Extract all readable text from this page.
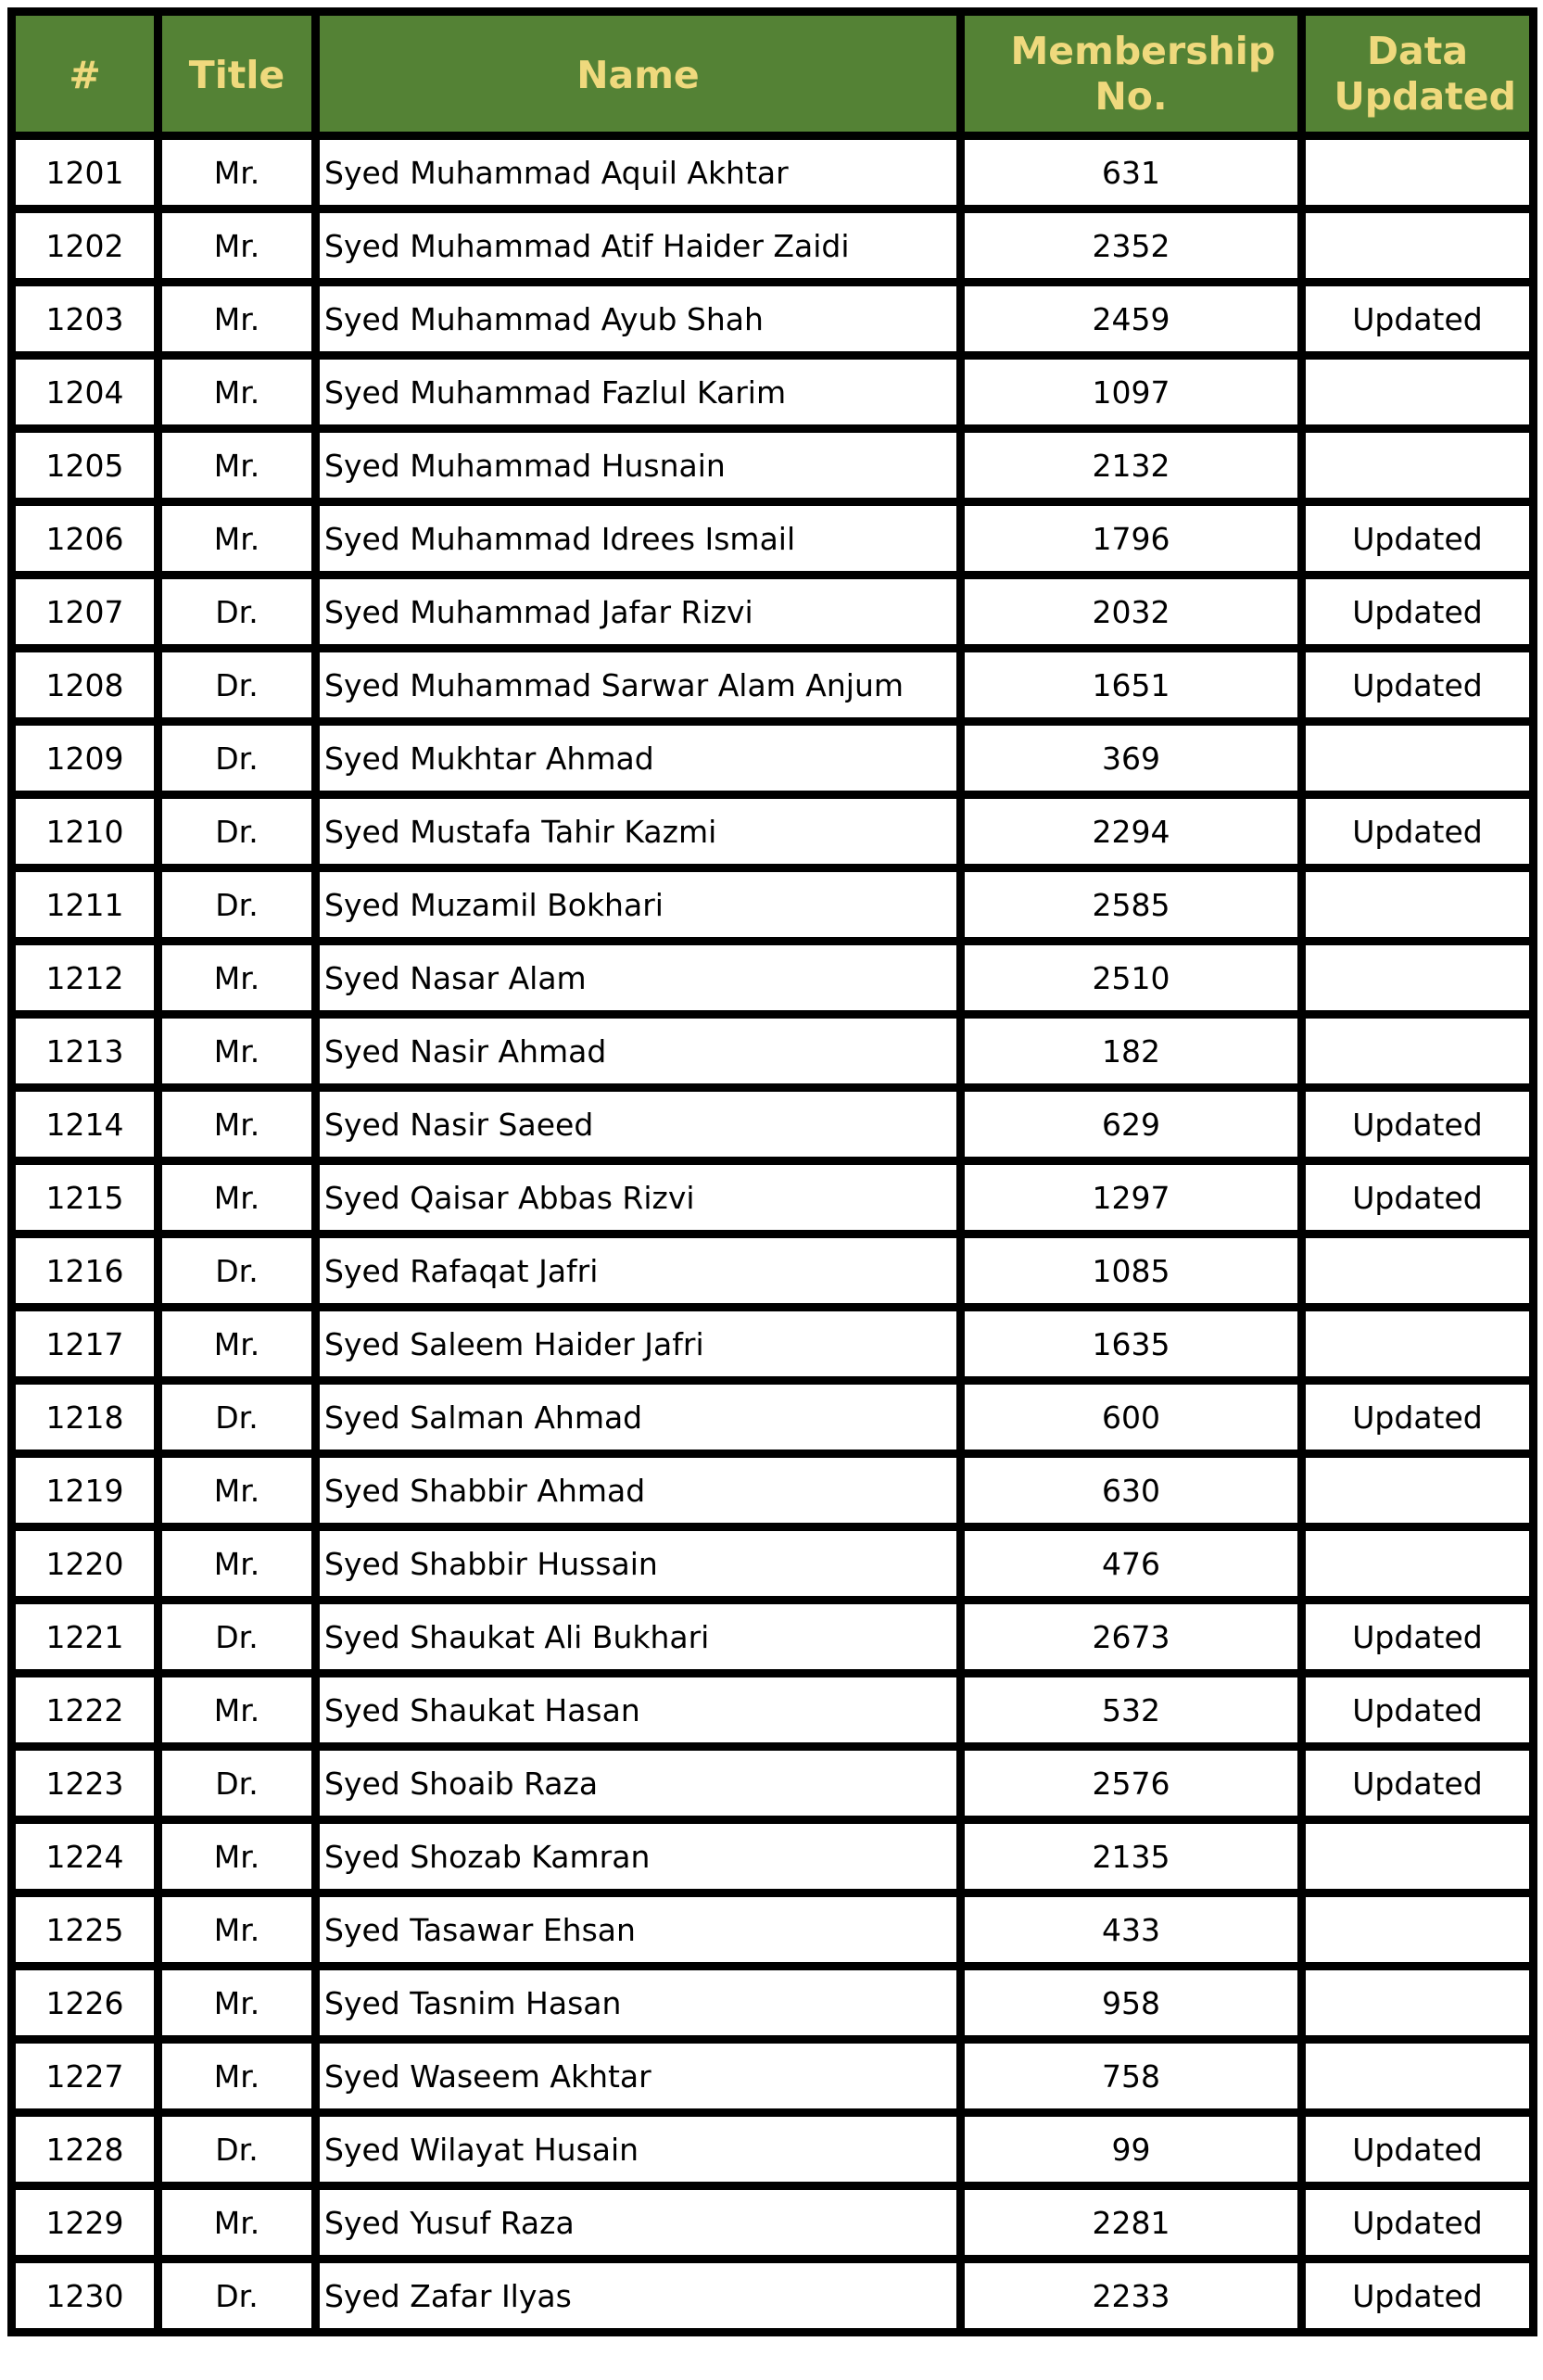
#	Title	Name	Membership No.	Data Updated
1201	Mr.	Syed Muhammad Aquil Akhtar	631	
1202	Mr.	Syed Muhammad Atif Haider Zaidi	2352	
1203	Mr.	Syed Muhammad Ayub Shah	2459	Updated
1204	Mr.	Syed Muhammad Fazlul Karim	1097	
1205	Mr.	Syed Muhammad Husnain	2132	
1206	Mr.	Syed Muhammad Idrees Ismail	1796	Updated
1207	Dr.	Syed Muhammad Jafar Rizvi	2032	Updated
1208	Dr.	Syed Muhammad Sarwar Alam Anjum	1651	Updated
1209	Dr.	Syed Mukhtar Ahmad	369	
1210	Dr.	Syed Mustafa Tahir Kazmi	2294	Updated
1211	Dr.	Syed Muzamil Bokhari	2585	
1212	Mr.	Syed Nasar Alam	2510	
1213	Mr.	Syed Nasir Ahmad	182	
1214	Mr.	Syed Nasir Saeed	629	Updated
1215	Mr.	Syed Qaisar Abbas Rizvi	1297	Updated
1216	Dr.	Syed Rafaqat Jafri	1085	
1217	Mr.	Syed Saleem Haider Jafri	1635	
1218	Dr.	Syed Salman Ahmad	600	Updated
1219	Mr.	Syed Shabbir Ahmad	630	
1220	Mr.	Syed Shabbir Hussain	476	
1221	Dr.	Syed Shaukat Ali Bukhari	2673	Updated
1222	Mr.	Syed Shaukat Hasan	532	Updated
1223	Dr.	Syed Shoaib Raza	2576	Updated
1224	Mr.	Syed Shozab Kamran	2135	
1225	Mr.	Syed Tasawar Ehsan	433	
1226	Mr.	Syed Tasnim Hasan	958	
1227	Mr.	Syed Waseem Akhtar	758	
1228	Dr.	Syed Wilayat Husain	99	Updated
1229	Mr.	Syed Yusuf Raza	2281	Updated
1230	Dr.	Syed Zafar Ilyas	2233	Updated
